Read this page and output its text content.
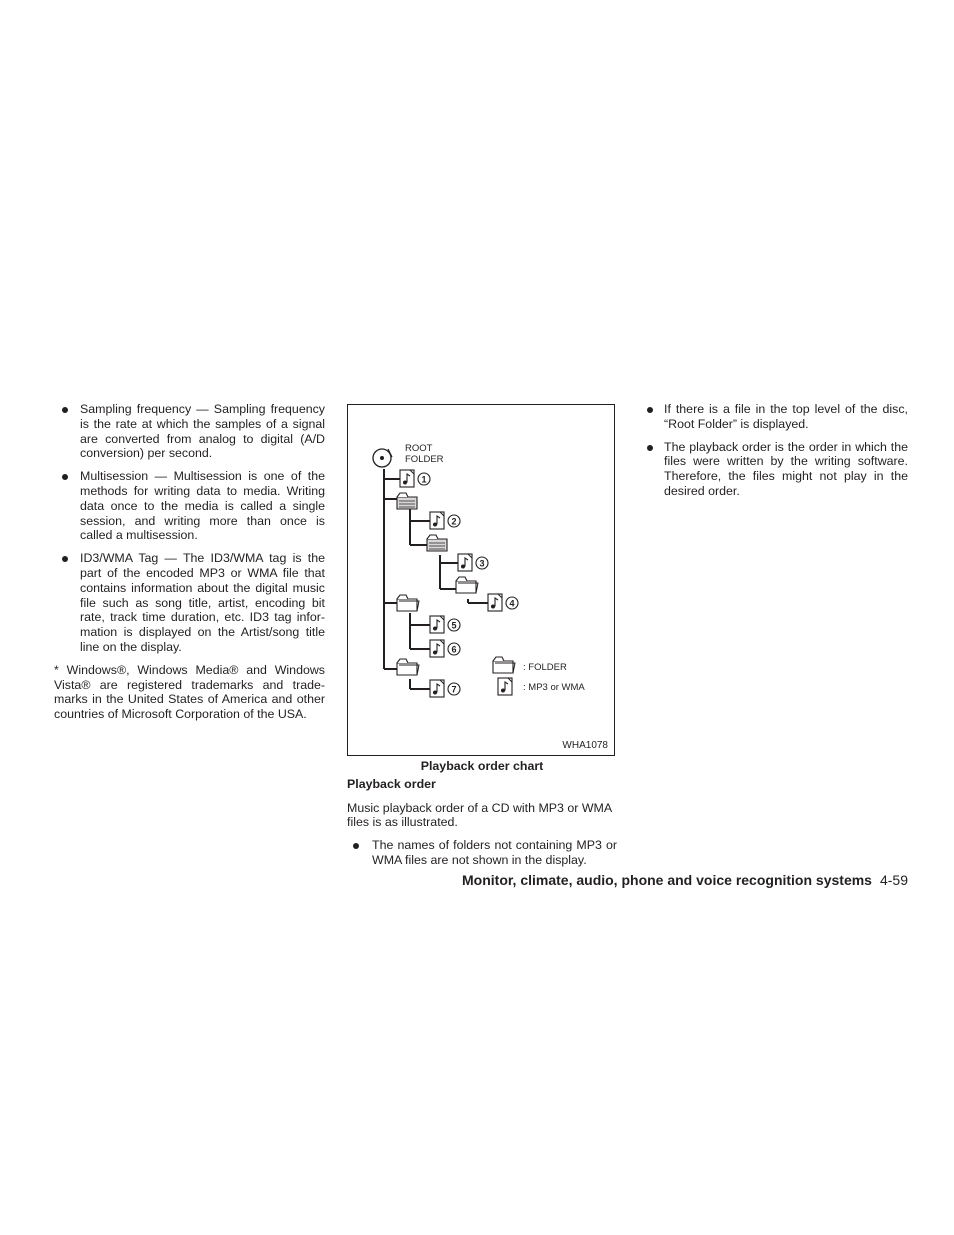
Sampling frequency — Sampling frequency is the rate at which the samples of a signal are converted from analog to digital (A/D conversion) per second.

Multisession — Multisession is one of the methods for writing data to media. Writing data once to the media is called a single session, and writing more than once is called a multisession.

ID3/WMA Tag — The ID3/WMA tag is the part of the encoded MP3 or WMA file that contains information about the digital music file such as song title, artist, encoding bit rate, track time duration, etc. ID3 tag infor-mation is displayed on the Artist/song title line on the display.

* Windows®, Windows Media® and Windows Vista® are registered trademarks and trade-marks in the United States of America and other countries of Microsoft Corporation of the USA.

1
2
3
4
5
6
7
ROOT
FOLDER
: FOLDER
: MP3 or WMA
WHA1078

Playback order chart

Playback order

Music playback order of a CD with MP3 or WMA files is as illustrated.

The names of folders not containing MP3 or WMA files are not shown in the display.

If there is a file in the top level of the disc, “Root Folder” is displayed.

The playback order is the order in which the files were written by the writing software. Therefore, the files might not play in the desired order.

Monitor, climate, audio, phone and voice recognition systems 4-59
